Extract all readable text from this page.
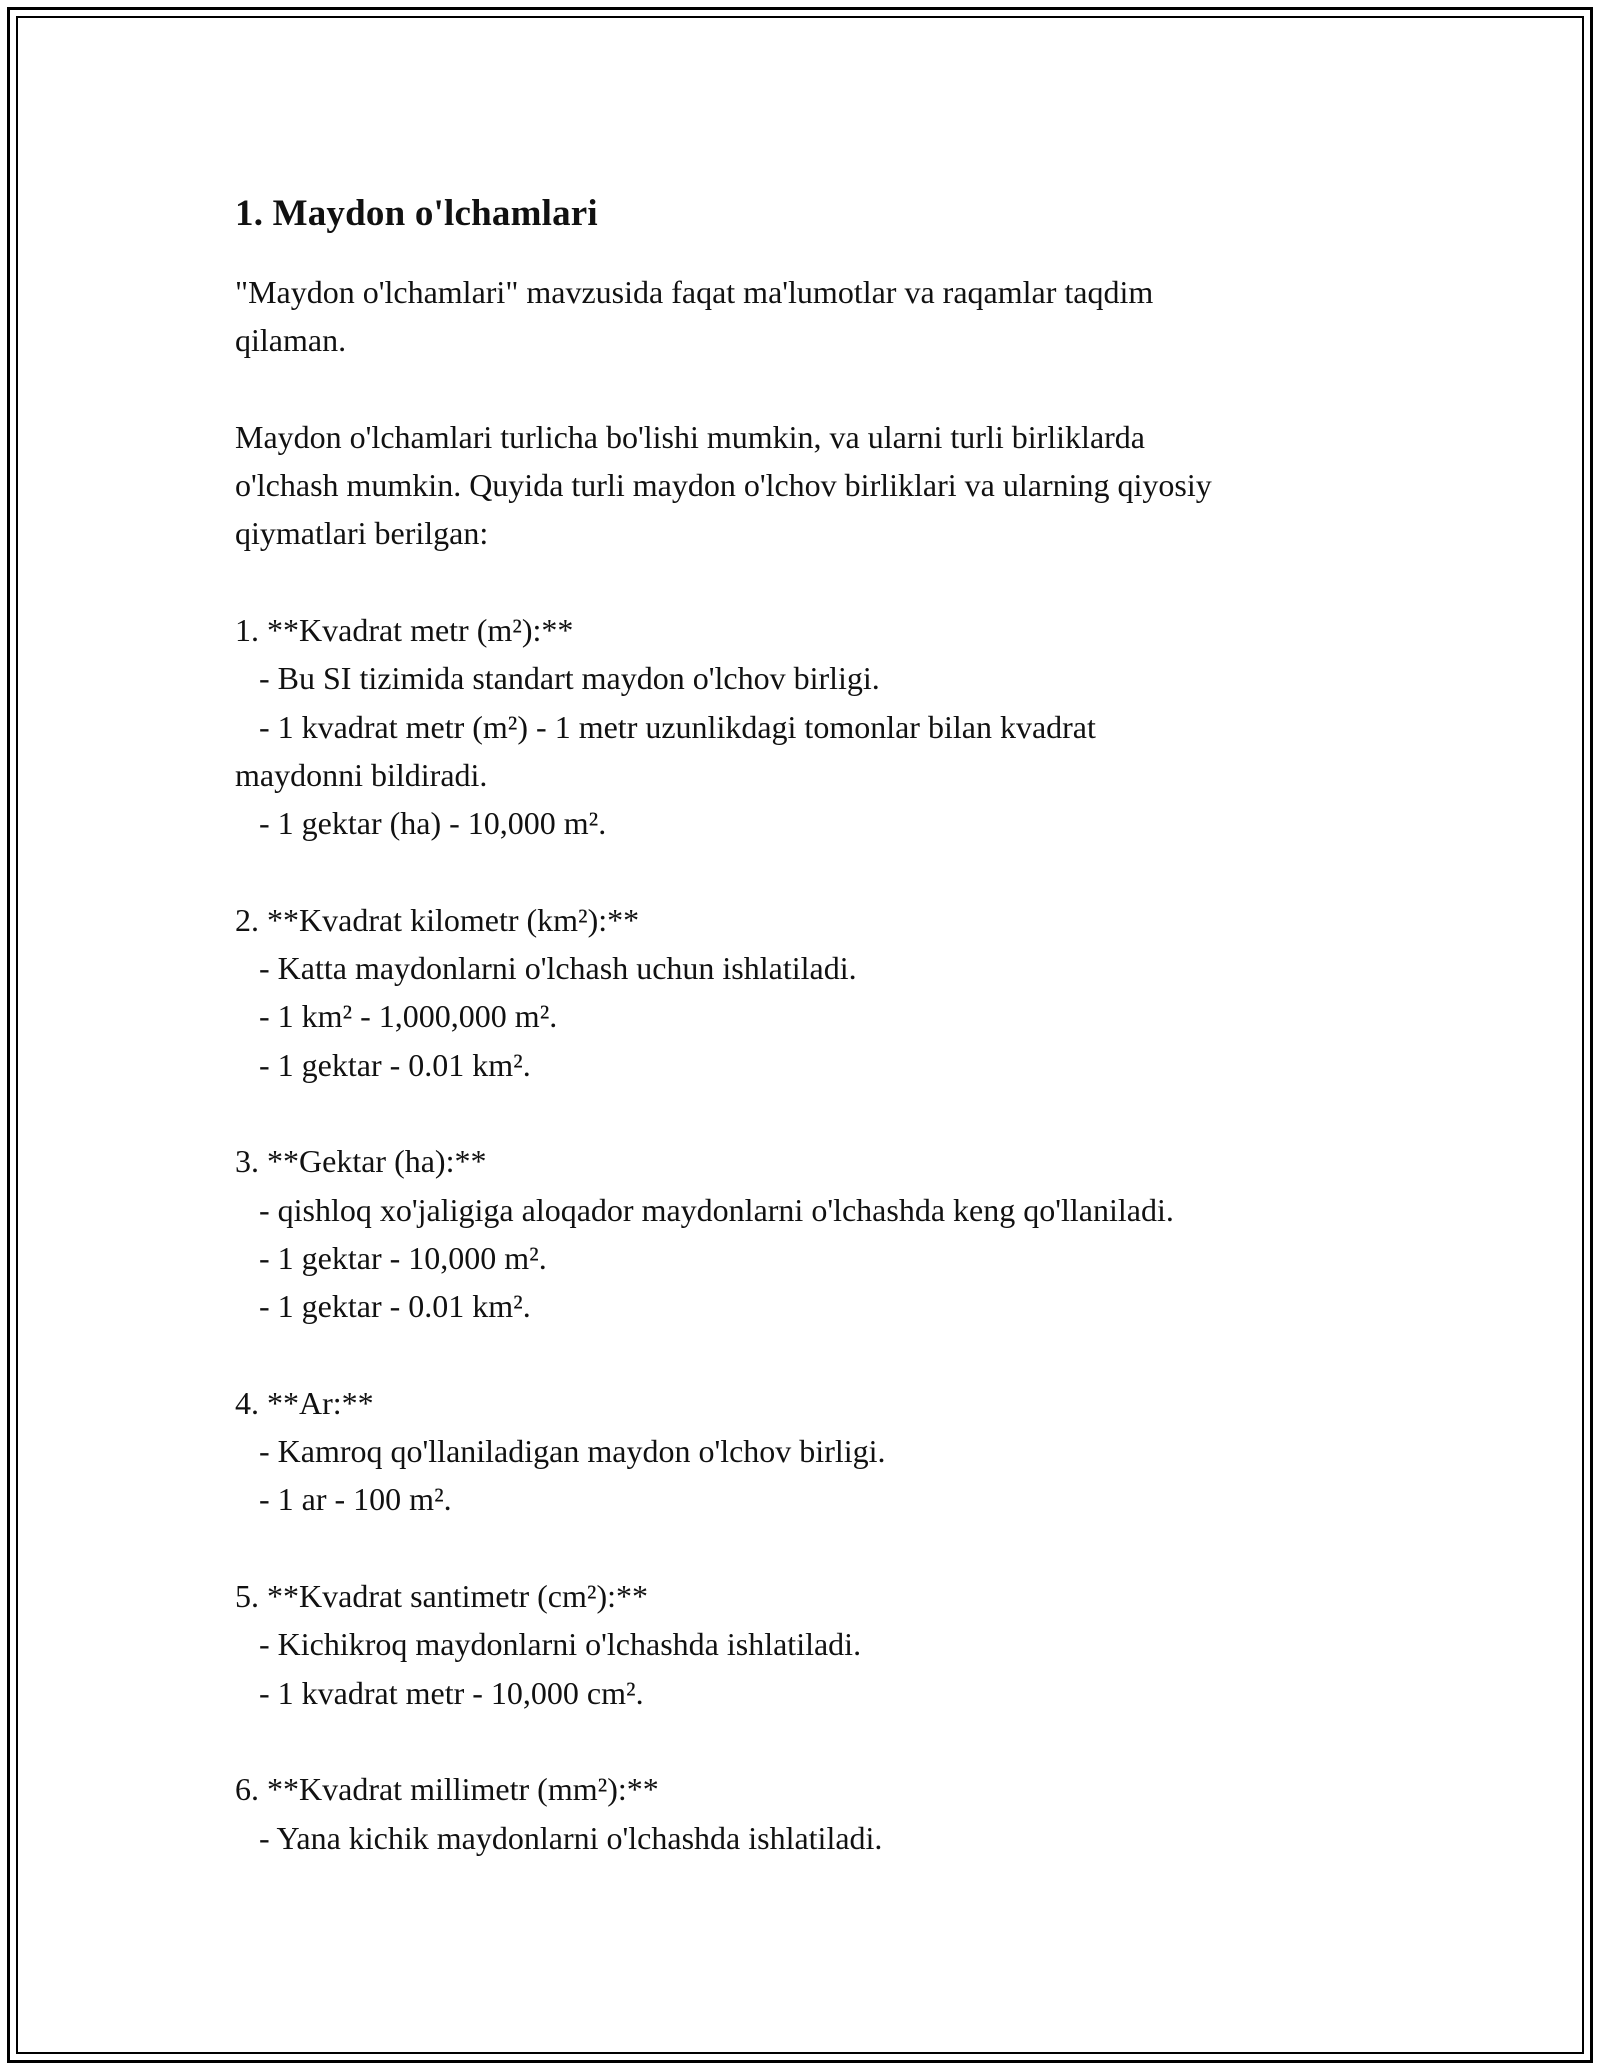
1. Maydon o'lchamlari
"Maydon o'lchamlari" mavzusida faqat ma'lumotlar va raqamlar taqdim
qilaman.

Maydon o'lchamlari turlicha bo'lishi mumkin, va ularni turli birliklarda
o'lchash mumkin. Quyida turli maydon o'lchov birliklari va ularning qiyosiy
qiymatlari berilgan:

1. **Kvadrat metr (m²):**
- Bu SI tizimida standart maydon o'lchov birligi.
- 1 kvadrat metr (m²) - 1 metr uzunlikdagi tomonlar bilan kvadrat
maydonni bildiradi.
- 1 gektar (ha) - 10,000 m².

2. **Kvadrat kilometr (km²):**
- Katta maydonlarni o'lchash uchun ishlatiladi.
- 1 km² - 1,000,000 m².
- 1 gektar - 0.01 km².

3. **Gektar (ha):**
- qishloq xo'jaligiga aloqador maydonlarni o'lchashda keng qo'llaniladi.
- 1 gektar - 10,000 m².
- 1 gektar - 0.01 km².

4. **Ar:**
- Kamroq qo'llaniladigan maydon o'lchov birligi.
- 1 ar - 100 m².

5. **Kvadrat santimetr (cm²):**
- Kichikroq maydonlarni o'lchashda ishlatiladi.
- 1 kvadrat metr - 10,000 cm².

6. **Kvadrat millimetr (mm²):**
- Yana kichik maydonlarni o'lchashda ishlatiladi.
